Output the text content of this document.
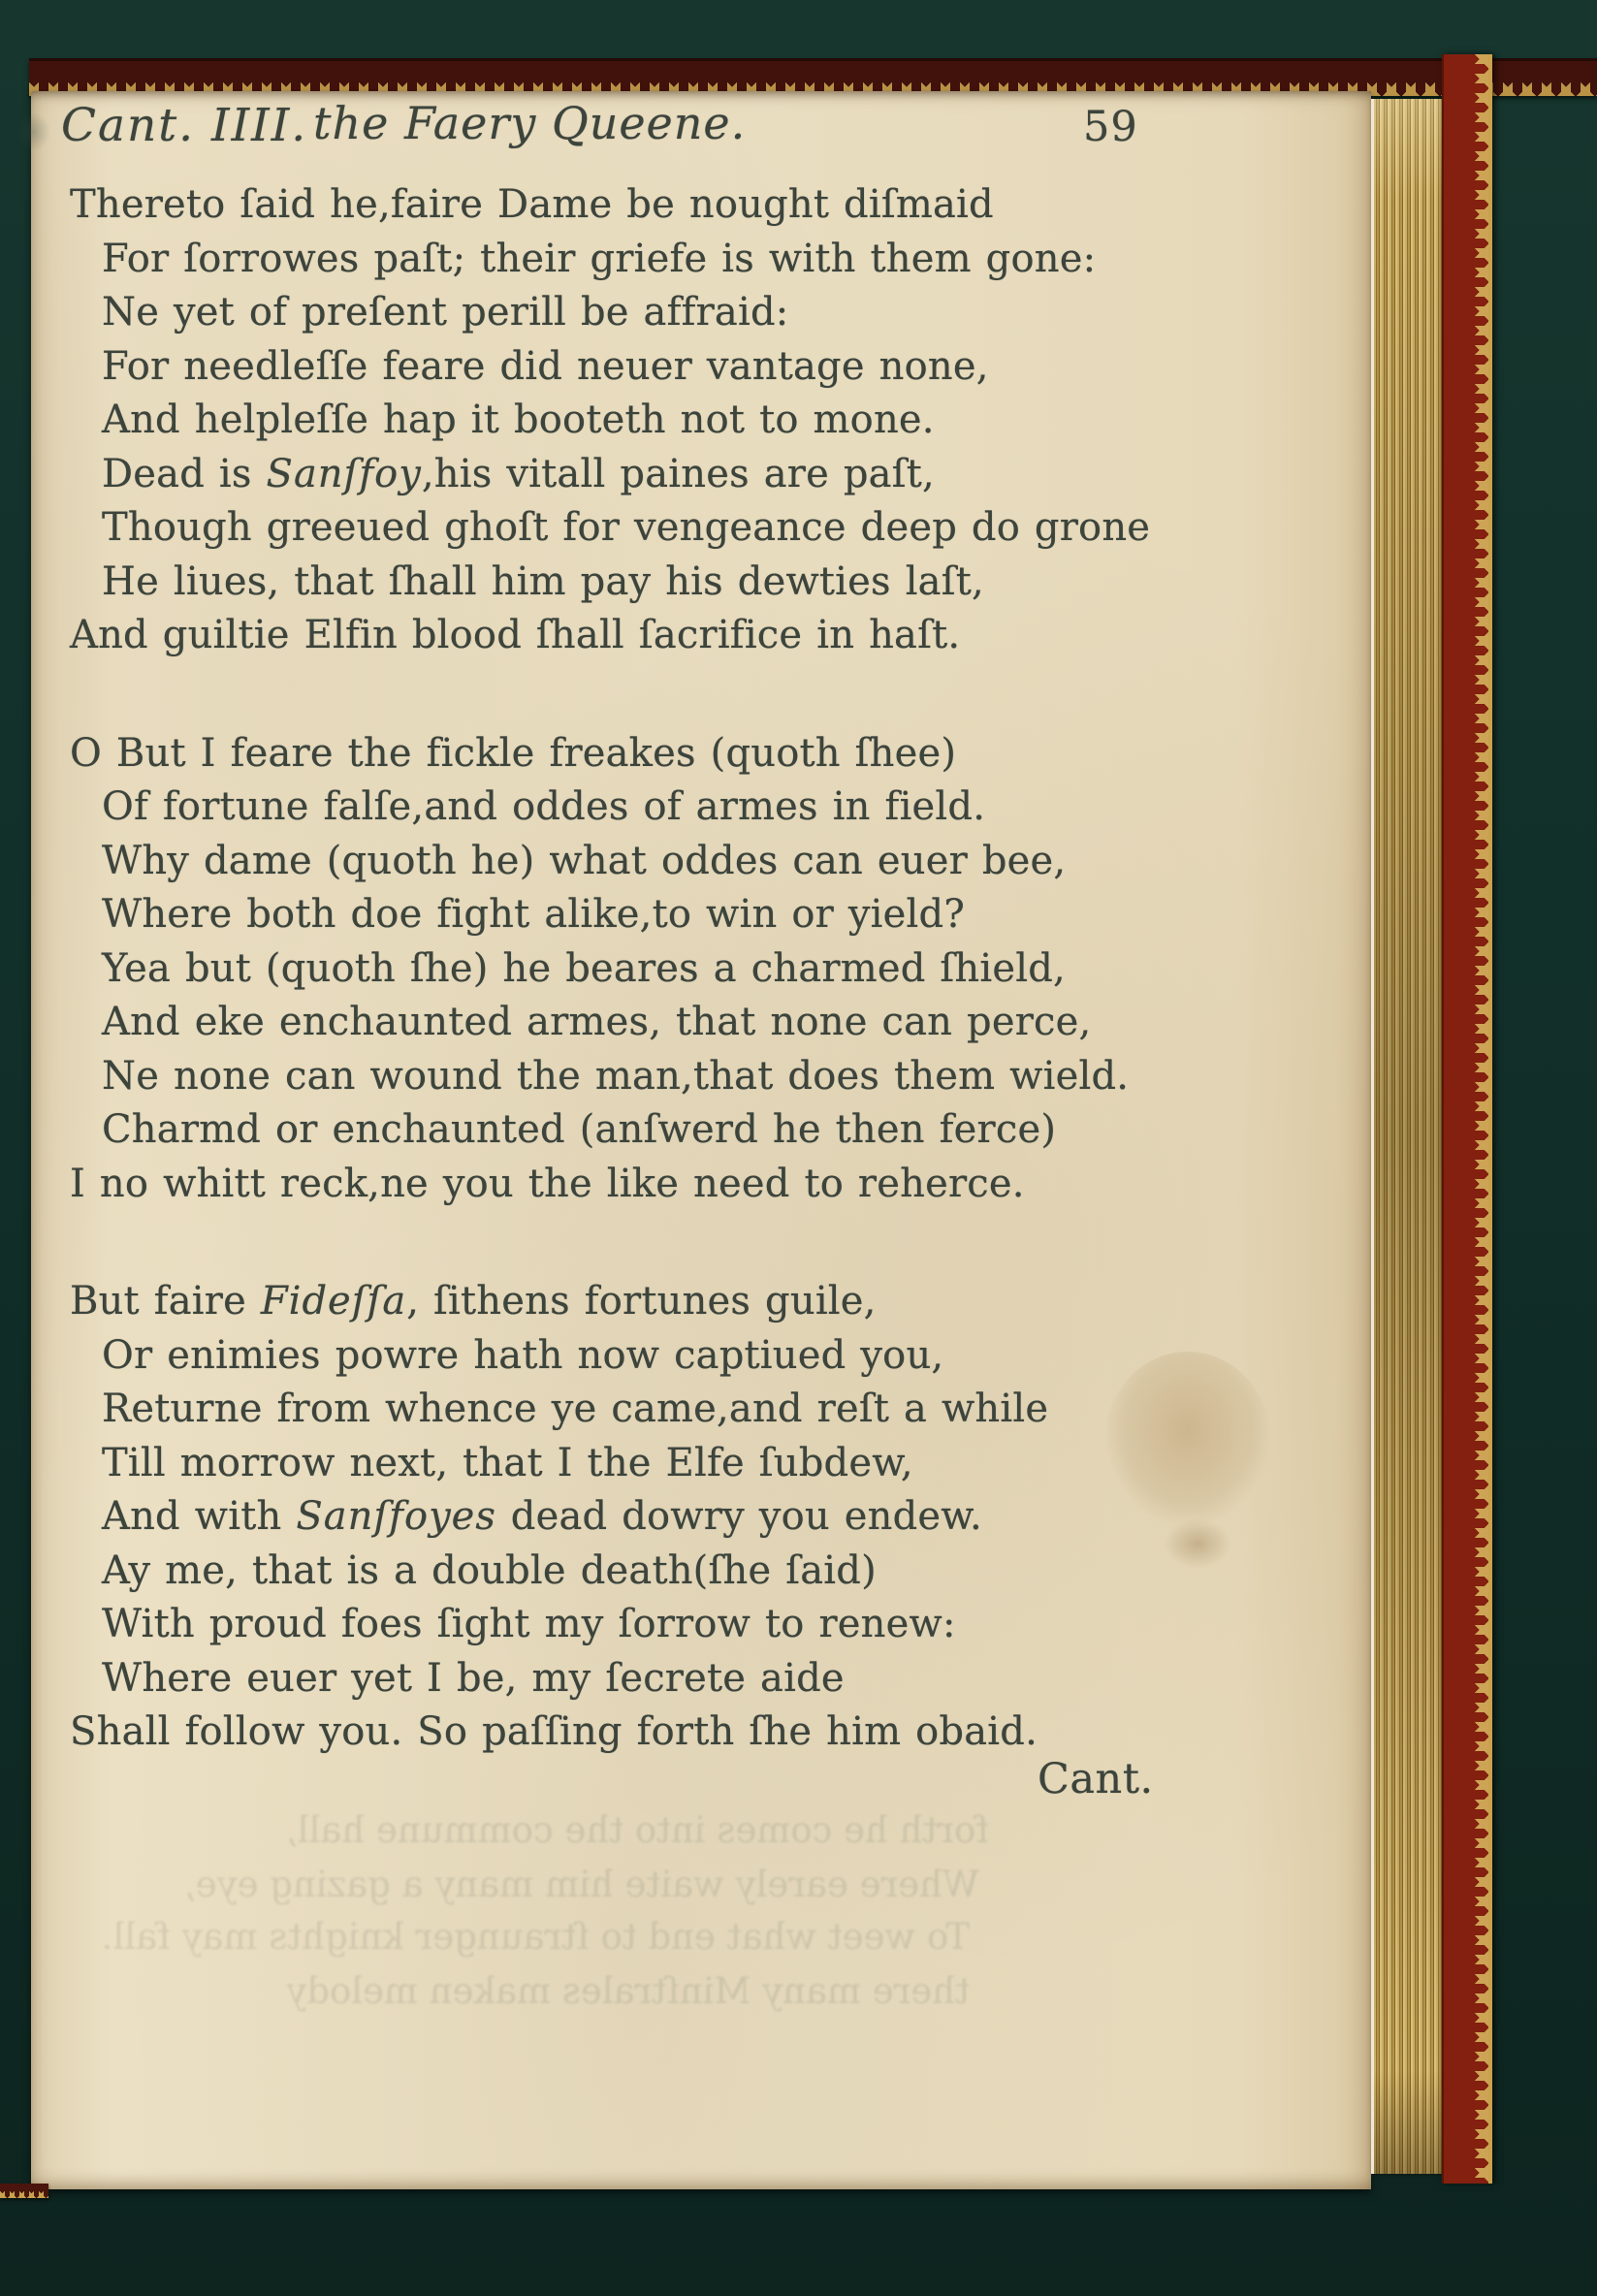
Cant. IIII. the Faery Queene.	59
forth he comes into the commune hall,
Where earely waite him many a gazing eye,
To weet what end to ſtraunger knights may fall.
there many Minſtrales maken melody
Thereto ſaid he,faire Dame be nought diſmaid
For ſorrowes paſt; their griefe is with them gone:
Ne yet of preſent perill be affraid:
For needleſſe feare did neuer vantage none,
And helpleſſe hap it booteth not to mone.
Dead is Sanſfoy,his vitall paines are paſt,
Though greeued ghoſt for vengeance deep do grone
He liues, that ſhall him pay his dewties laſt,
And guiltie Elfin blood ſhall ſacrifice in haſt.
O But I feare the fickle freakes (quoth ſhee)
Of fortune falſe,and oddes of armes in field.
Why dame (quoth he) what oddes can euer bee,
Where both doe fight alike,to win or yield?
Yea but (quoth ſhe) he beares a charmed ſhield,
And eke enchaunted armes, that none can perce,
Ne none can wound the man,that does them wield.
Charmd or enchaunted (anſwerd he then ferce)
I no whitt reck,ne you the like need to reherce.
But faire Fideſſa, ſithens fortunes guile,
Or enimies powre hath now captiued you,
Returne from whence ye came,and reſt a while
Till morrow next, that I the Elfe ſubdew,
And with Sanſfoyes dead dowry you endew.
Ay me, that is a double death(ſhe ſaid)
With proud foes ſight my ſorrow to renew:
Where euer yet I be, my ſecrete aide
Shall follow you. So paſſing forth ſhe him obaid.
Cant.
